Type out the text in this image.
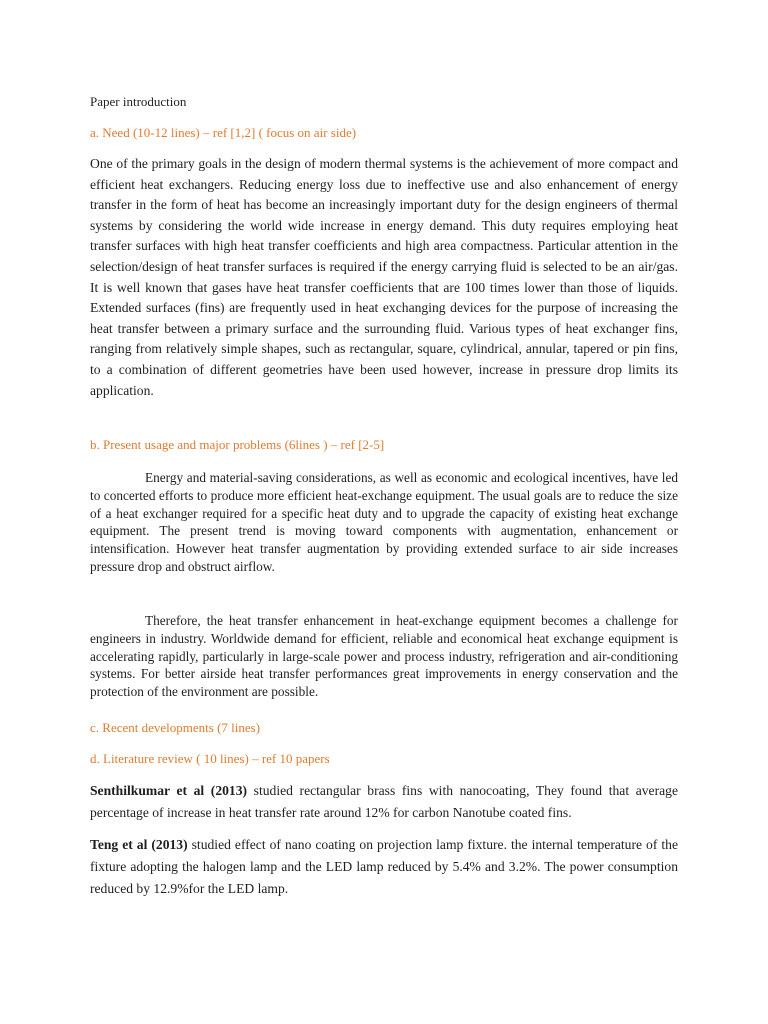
Paper introduction

a. Need (10-12 lines) – ref [1,2] ( focus on air side)

One of the primary goals in the design of modern thermal systems is the achievement of more compact and efficient heat exchangers. Reducing energy loss due to ineffective use and also enhancement of energy transfer in the form of heat has become an increasingly important duty for the design engineers of thermal systems by considering the world wide increase in energy demand. This duty requires employing heat transfer surfaces with high heat transfer coefficients and high area compactness. Particular attention in the selection/design of heat transfer surfaces is required if the energy carrying fluid is selected to be an air/gas. It is well known that gases have heat transfer coefficients that are 100 times lower than those of liquids. Extended surfaces (fins) are frequently used in heat exchanging devices for the purpose of increasing the heat transfer between a primary surface and the surrounding fluid. Various types of heat exchanger fins, ranging from relatively simple shapes, such as rectangular, square, cylindrical, annular, tapered or pin fins, to a combination of different geometries have been used however, increase in pressure drop limits its application.

b. Present usage and major problems (6lines ) – ref [2-5]

Energy and material-saving considerations, as well as economic and ecological incentives, have led to concerted efforts to produce more efficient heat-exchange equipment. The usual goals are to reduce the size of a heat exchanger required for a specific heat duty and to upgrade the capacity of existing heat exchange equipment. The present trend is moving toward components with augmentation, enhancement or intensification. However heat transfer augmentation by providing extended surface to air side increases pressure drop and obstruct airflow.

Therefore, the heat transfer enhancement in heat-exchange equipment becomes a challenge for engineers in industry. Worldwide demand for efficient, reliable and economical heat exchange equipment is accelerating rapidly, particularly in large-scale power and process industry, refrigeration and air-conditioning systems. For better airside heat transfer performances great improvements in energy conservation and the protection of the environment are possible.

c. Recent developments (7 lines)

d. Literature review ( 10 lines) – ref 10 papers

Senthilkumar et al (2013) studied rectangular brass fins with nanocoating, They found that average percentage of increase in heat transfer rate around 12% for carbon Nanotube coated fins.

Teng et al (2013) studied effect of nano coating on projection lamp fixture. the internal temperature of the fixture adopting the halogen lamp and the LED lamp reduced by 5.4% and 3.2%. The power consumption reduced by 12.9%for the LED lamp.
